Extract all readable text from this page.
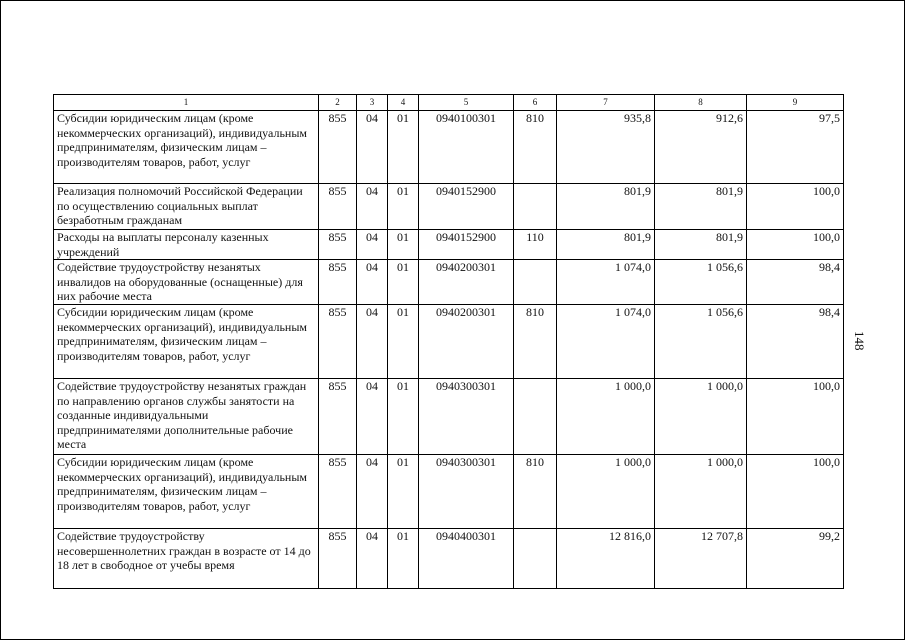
1	2	3	4	5	6	7	8	9
Субсидии юридическим лицам (кроме некоммерческих организаций), индивидуальным предпринимателям, физическим лицам – производителям товаров, работ, услуг	855	04	01	0940100301	810	935,8	912,6	97,5
Реализация полномочий Российской Федерации по осуществлению социальных выплат безработным гражданам	855	04	01	0940152900		801,9	801,9	100,0
Расходы на выплаты персоналу казенных учреждений	855	04	01	0940152900	110	801,9	801,9	100,0
Содействие трудоустройству незанятых инвалидов на оборудованные (оснащенные) для них рабочие места	855	04	01	0940200301		1 074,0	1 056,6	98,4
Субсидии юридическим лицам (кроме некоммерческих организаций), индивидуальным предпринимателям, физическим лицам – производителям товаров, работ, услуг	855	04	01	0940200301	810	1 074,0	1 056,6	98,4
Содействие трудоустройству незанятых граждан по направлению органов службы занятости на созданные индивидуальными предпринимателями дополнительные рабочие места	855	04	01	0940300301		1 000,0	1 000,0	100,0
Субсидии юридическим лицам (кроме некоммерческих организаций), индивидуальным предпринимателям, физическим лицам – производителям товаров, работ, услуг	855	04	01	0940300301	810	1 000,0	1 000,0	100,0
Содействие трудоустройству несовершеннолетних граждан в возрасте от 14 до 18 лет в свободное от учебы время	855	04	01	0940400301		12 816,0	12 707,8	99,2
148
